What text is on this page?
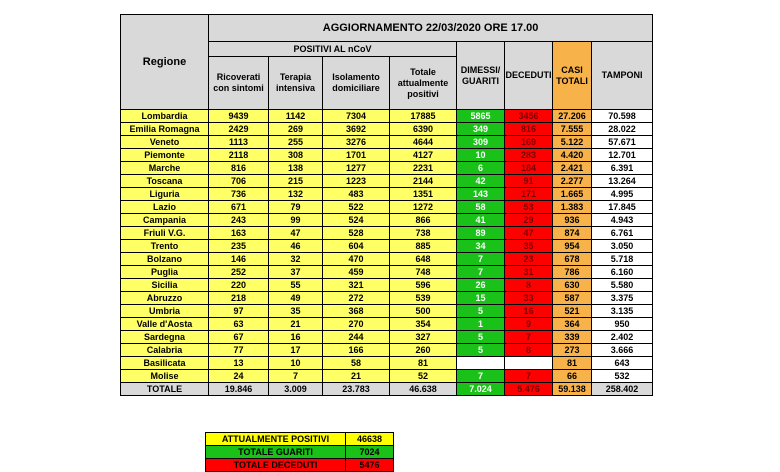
Regione	AGGIORNAMENTO 22/03/2020 ORE 17.00							
	POSITIVI AL nCoV				DIMESSI/ GUARITI	DECEDUTI	CASI TOTALI	TAMPONI
	Ricoverati con sintomi	Terapia intensiva	Isolamento domiciliare	Totale attualmente positivi				
Lombardia	9439	1142	7304	17885	5865	3456	27.206	70.598
Emilia Romagna	2429	269	3692	6390	349	816	7.555	28.022
Veneto	1113	255	3276	4644	309	169	5.122	57.671
Piemonte	2118	308	1701	4127	10	283	4.420	12.701
Marche	816	138	1277	2231	6	184	2.421	6.391
Toscana	706	215	1223	2144	42	91	2.277	13.264
Liguria	736	132	483	1351	143	171	1.665	4.995
Lazio	671	79	522	1272	58	53	1.383	17.845
Campania	243	99	524	866	41	29	936	4.943
Friuli V.G.	163	47	528	738	89	47	874	6.761
Trento	235	46	604	885	34	35	954	3.050
Bolzano	146	32	470	648	7	23	678	5.718
Puglia	252	37	459	748	7	31	786	6.160
Sicilia	220	55	321	596	26	8	630	5.580
Abruzzo	218	49	272	539	15	33	587	3.375
Umbria	97	35	368	500	5	16	521	3.135
Valle d'Aosta	63	21	270	354	1	9	364	950
Sardegna	67	16	244	327	5	7	339	2.402
Calabria	77	17	166	260	5	8	273	3.666
Basilicata	13	10	58	81			81	643
Molise	24	7	21	52	7	7	66	532
TOTALE	19.846	3.009	23.783	46.638	7.024	5.476	59.138	258.402
ATTUALMENTE POSITIVI	46638
TOTALE GUARITI	7024
TOTALE DECEDUTI	5476
